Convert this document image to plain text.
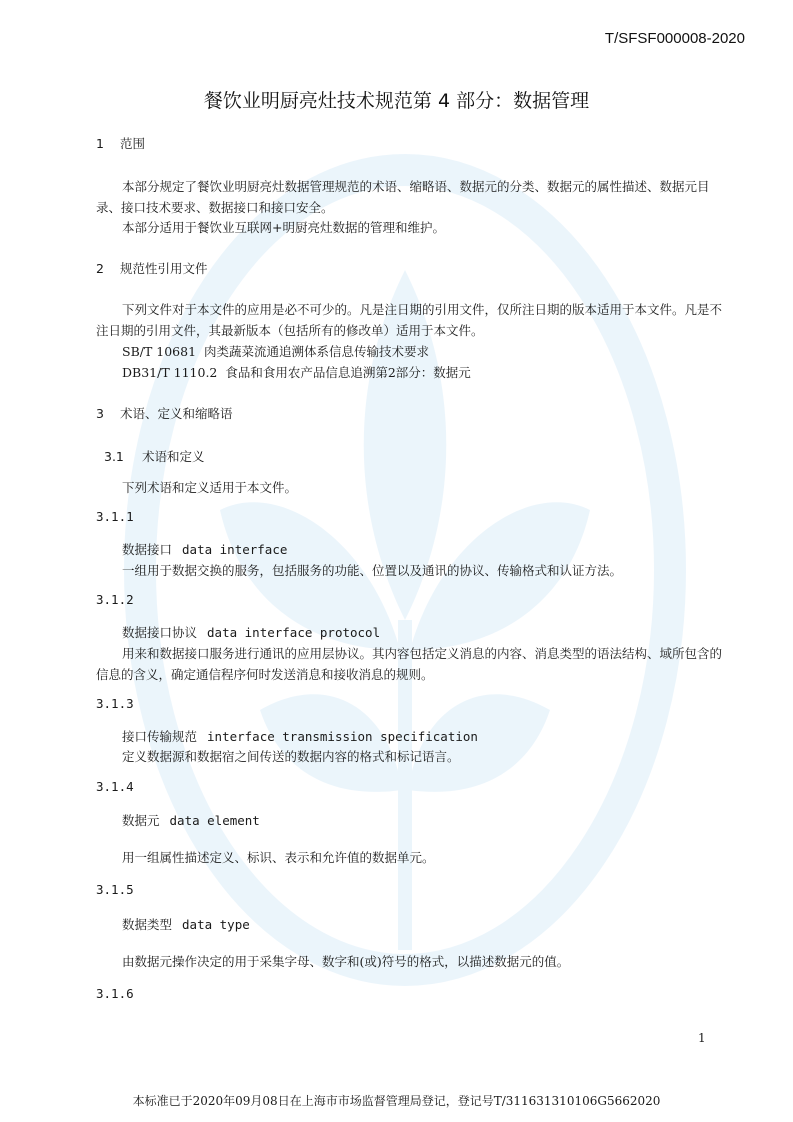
T/SFSF000008-2020
餐饮业明厨亮灶技术规范第 4 部分：数据管理
1 范围

本部分规定了餐饮业明厨亮灶数据管理规范的术语、缩略语、数据元的分类、数据元的属性描述、数据元目录、接口技术要求、数据接口和接口安全。

本部分适用于餐饮业互联网+明厨亮灶数据的管理和维护。

2 规范性引用文件

下列文件对于本文件的应用是必不可少的。凡是注日期的引用文件，仅所注日期的版本适用于本文件。凡是不注日期的引用文件，其最新版本（包括所有的修改单）适用于本文件。

SB/T 10681  肉类蔬菜流通追溯体系信息传输技术要求
DB31/T 1110.2  食品和食用农产品信息追溯第2部分：数据元
3 术语、定义和缩略语
3.1 术语和定义
下列术语和定义适用于本文件。
3.1.1
数据接口 data interface
一组用于数据交换的服务，包括服务的功能、位置以及通讯的协议、传输格式和认证方法。
3.1.2
数据接口协议 data interface protocol

用来和数据接口服务进行通讯的应用层协议。其内容包括定义消息的内容、消息类型的语法结构、域所包含的信息的含义，确定通信程序何时发送消息和接收消息的规则。

3.1.3
接口传输规范 interface transmission specification
定义数据源和数据宿之间传送的数据内容的格式和标记语言。
3.1.4
数据元 data element
用一组属性描述定义、标识、表示和允许值的数据单元。
3.1.5
数据类型 data type
由数据元操作决定的用于采集字母、数字和(或)符号的格式，以描述数据元的值。
3.1.6
1
本标准已于2020年09月08日在上海市市场监督管理局登记，登记号T/311631310106G5662020
